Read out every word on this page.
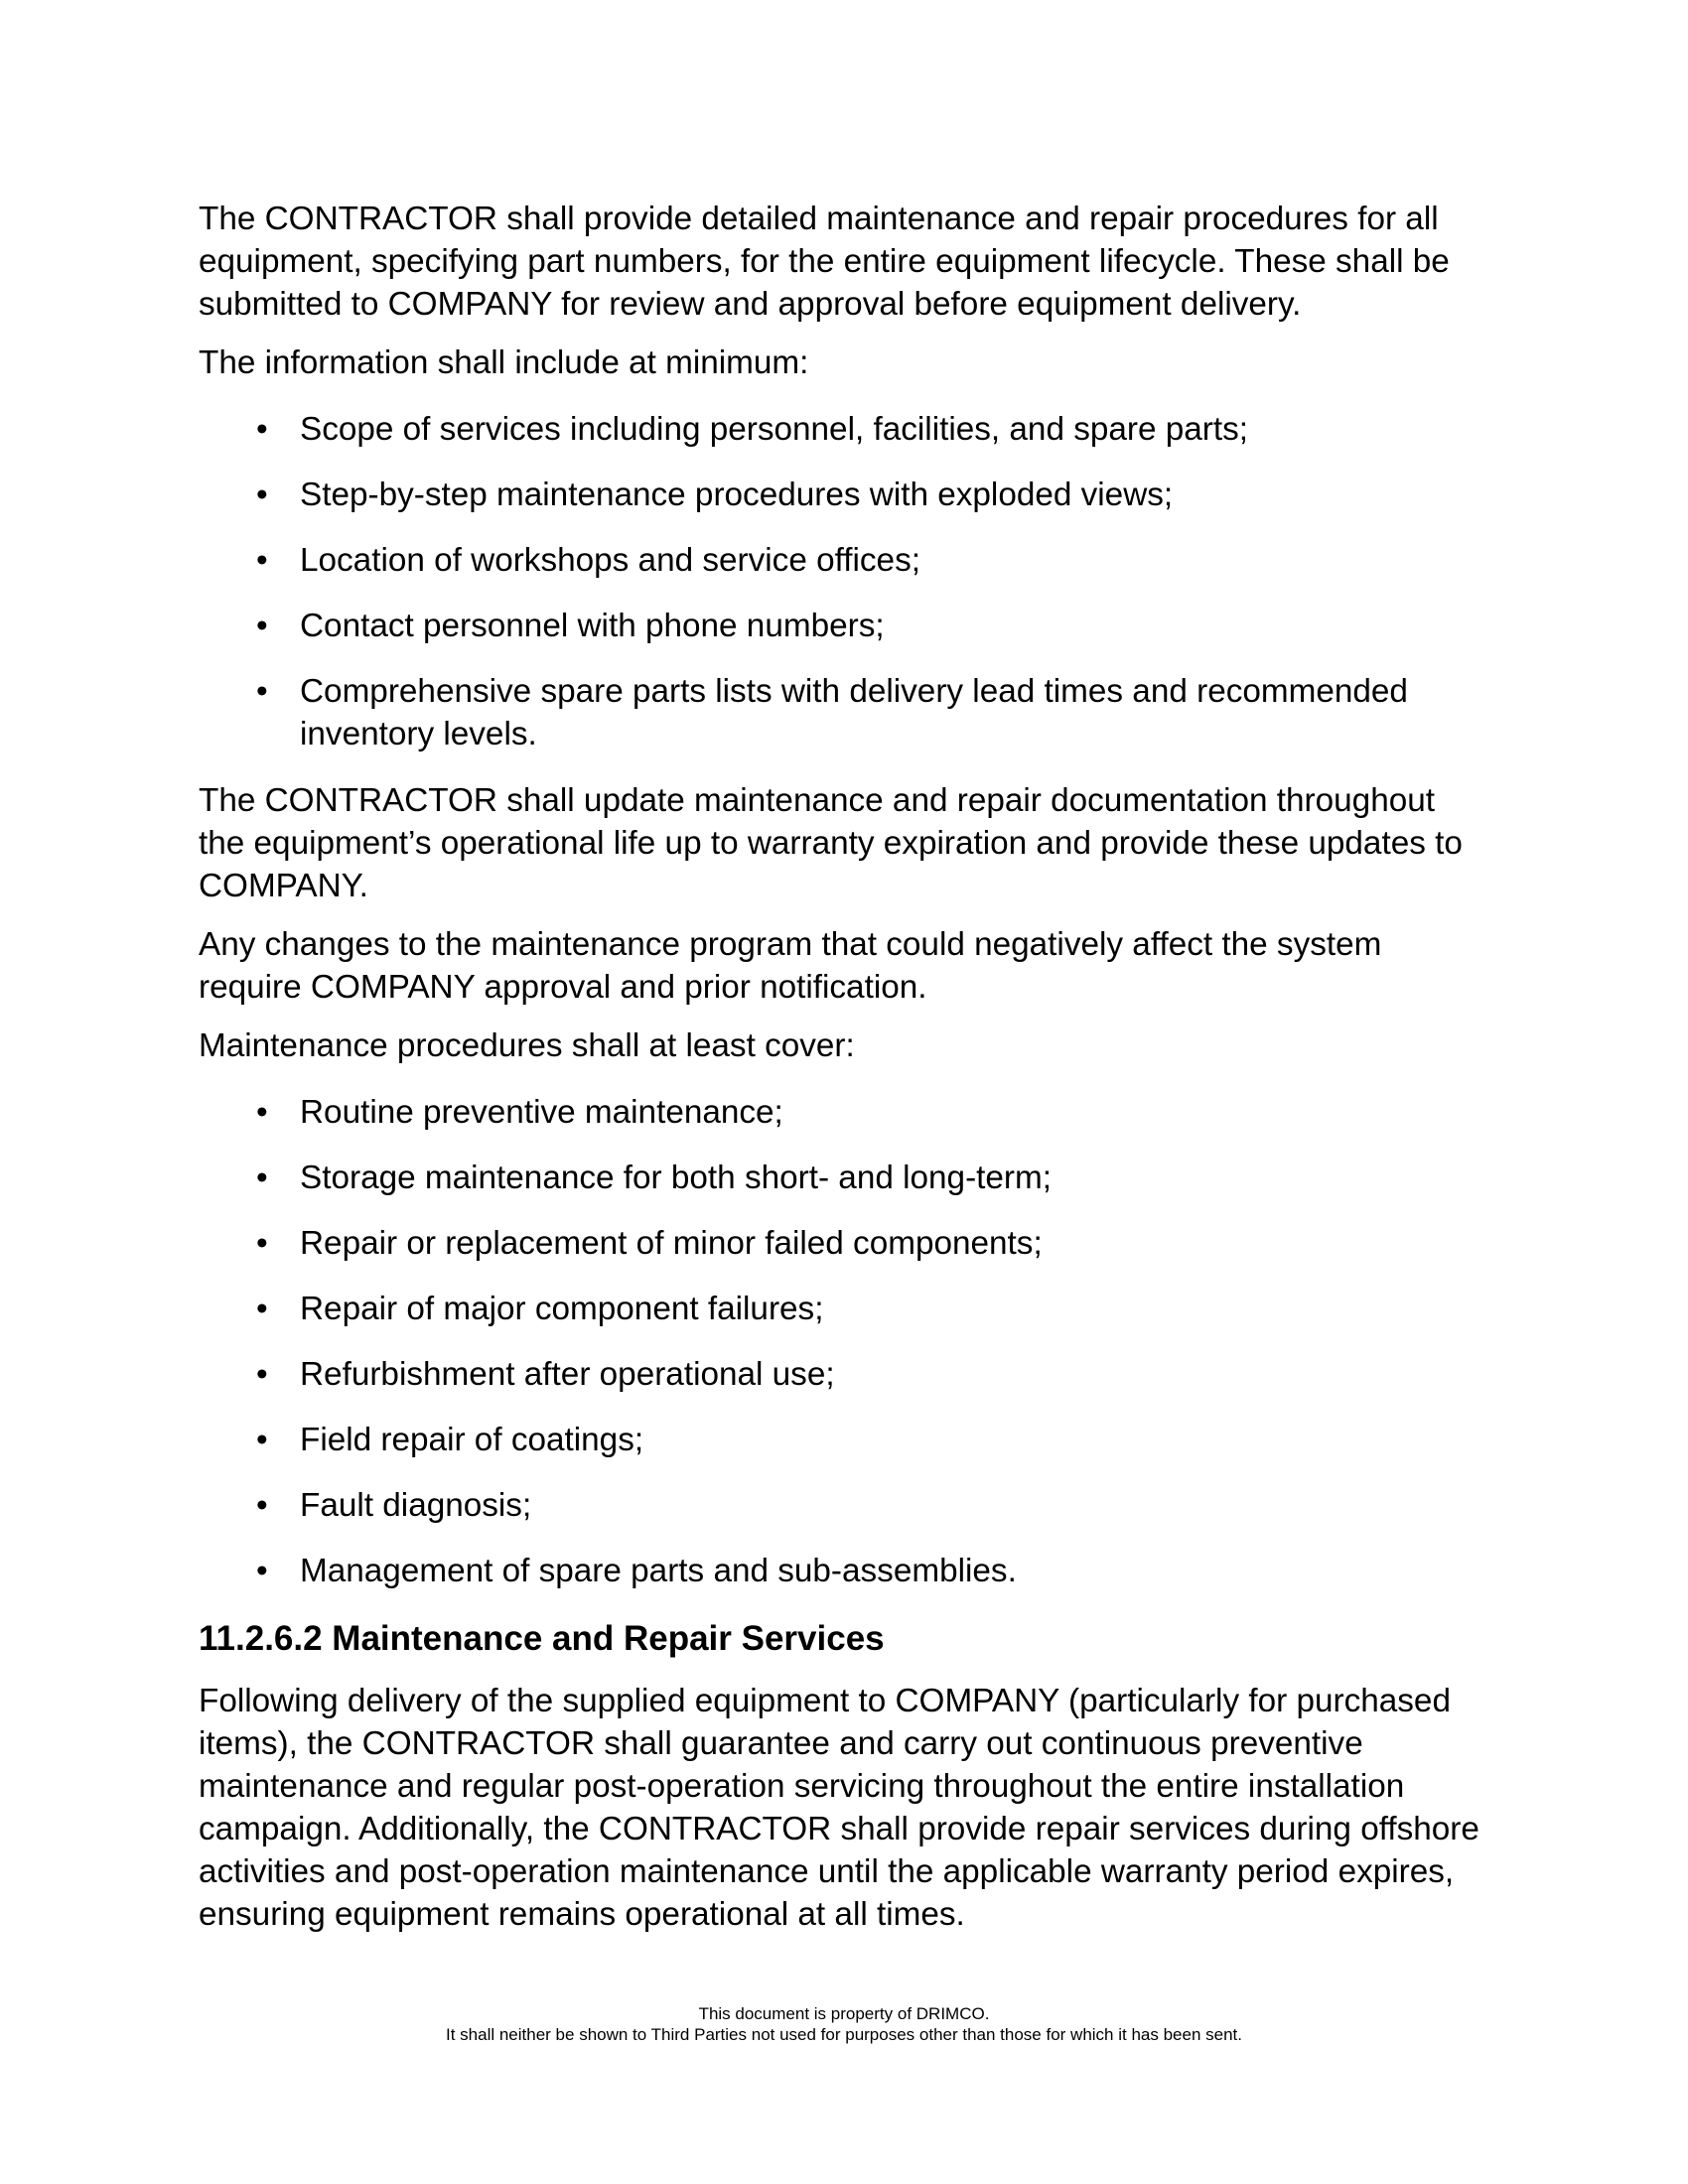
The CONTRACTOR shall provide detailed maintenance and repair procedures for all equipment, specifying part numbers, for the entire equipment lifecycle. These shall be submitted to COMPANY for review and approval before equipment delivery.

The information shall include at minimum:

• Scope of services including personnel, facilities, and spare parts;
• Step-by-step maintenance procedures with exploded views;
• Location of workshops and service offices;
• Contact personnel with phone numbers;
• Comprehensive spare parts lists with delivery lead times and recommended inventory levels.

The CONTRACTOR shall update maintenance and repair documentation throughout the equipment’s operational life up to warranty expiration and provide these updates to COMPANY.

Any changes to the maintenance program that could negatively affect the system require COMPANY approval and prior notification.

Maintenance procedures shall at least cover:

• Routine preventive maintenance;
• Storage maintenance for both short- and long-term;
• Repair or replacement of minor failed components;
• Repair of major component failures;
• Refurbishment after operational use;
• Field repair of coatings;
• Fault diagnosis;
• Management of spare parts and sub-assemblies.
11.2.6.2 Maintenance and Repair Services

Following delivery of the supplied equipment to COMPANY (particularly for purchased items), the CONTRACTOR shall guarantee and carry out continuous preventive maintenance and regular post-operation servicing throughout the entire installation campaign. Additionally, the CONTRACTOR shall provide repair services during offshore activities and post-operation maintenance until the applicable warranty period expires, ensuring equipment remains operational at all times.

This document is property of DRIMCO.
It shall neither be shown to Third Parties not used for purposes other than those for which it has been sent.
